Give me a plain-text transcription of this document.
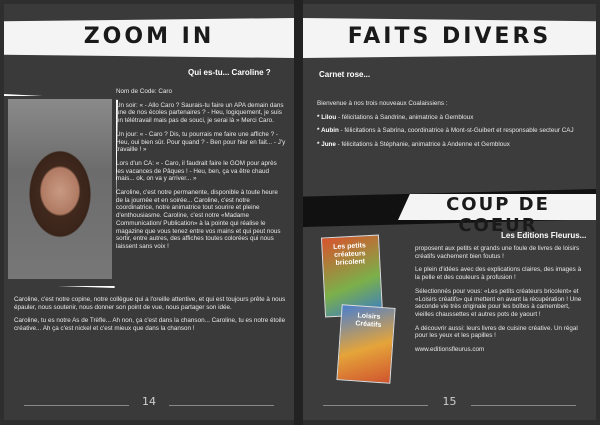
ZOOM IN
Qui es-tu... Caroline ?

Nom de Code: Caro

Un soir: « - Allo Caro ? Saurais-tu faire un APA demain dans une de nos écoles partenaires ? - Heu, logiquement, je suis en télétravail mais pas de souci, je serai là » Merci Caro.

Un jour: « - Caro ? Dis, tu pourrais me faire une affiche ? - Heu, oui bien sûr. Pour quand ? - Ben pour hier en fait... - J'y travaille ! »

Lors d'un CA: « - Caro, il faudrait faire le GOM pour après les vacances de Pâques ! - Heu, ben, ça va être chaud mais... ok, on va y arriver... »

Caroline, c'est notre permanente, disponible à toute heure de la journée et en soirée... Caroline, c'est notre coordinatrice, notre animatrice tout sourire et pleine d'enthousiasme. Caroline, c'est notre «Madame Communication/ Publication» à la pointe qui réalise le magazine que vous tenez entre vos mains et qui peut nous sortir, entre autres, des affiches toutes colorées qui nous laissent sans voix !

Caroline, c'est notre copine, notre collègue qui a l'oreille attentive, et qui est toujours prête à nous épauler, nous soutenir, nous donner son point de vue, nous partager son idée.

Caroline, tu es notre As de Trèfle... Ah non, ça c'est dans la chanson... Caroline, tu es notre étoile créative... Ah ça c'est nickel et c'est mieux que dans la chanson !

14
FAITS DIVERS
Carnet rose...

Bienvenue à nos trois nouveaux Coalaissiens :

* Lilou - félicitations à Sandrine, animatrice à Gembloux

* Aubin - félicitations à Sabrina, coordinatrice à Mont-st-Guibert et responsable secteur CAJ

* June - félicitations à Stéphanie, animatrice à Andenne et Gembloux

COUP DE COEUR
Les Editions Fleurus...
Les petits créateurs bricolent
Loisirs Créatifs

proposent aux petits et grands une foule de livres de loisirs créatifs vachement bien foutus !

Le plein d'idées avec des explications claires, des images à la pelle et des couleurs à profusion !

Sélectionnés pour vous: «Les petits créateurs bricolent» et «Loisirs créatifs» qui mettent en avant la récupération ! Une seconde vie très originale pour les boîtes à camembert, vieilles chaussettes et autres pots de yaourt !

A découvrir aussi: leurs livres de cuisine créative. Un régal pour les yeux et les papilles !

www.editionsfleurus.com

15
